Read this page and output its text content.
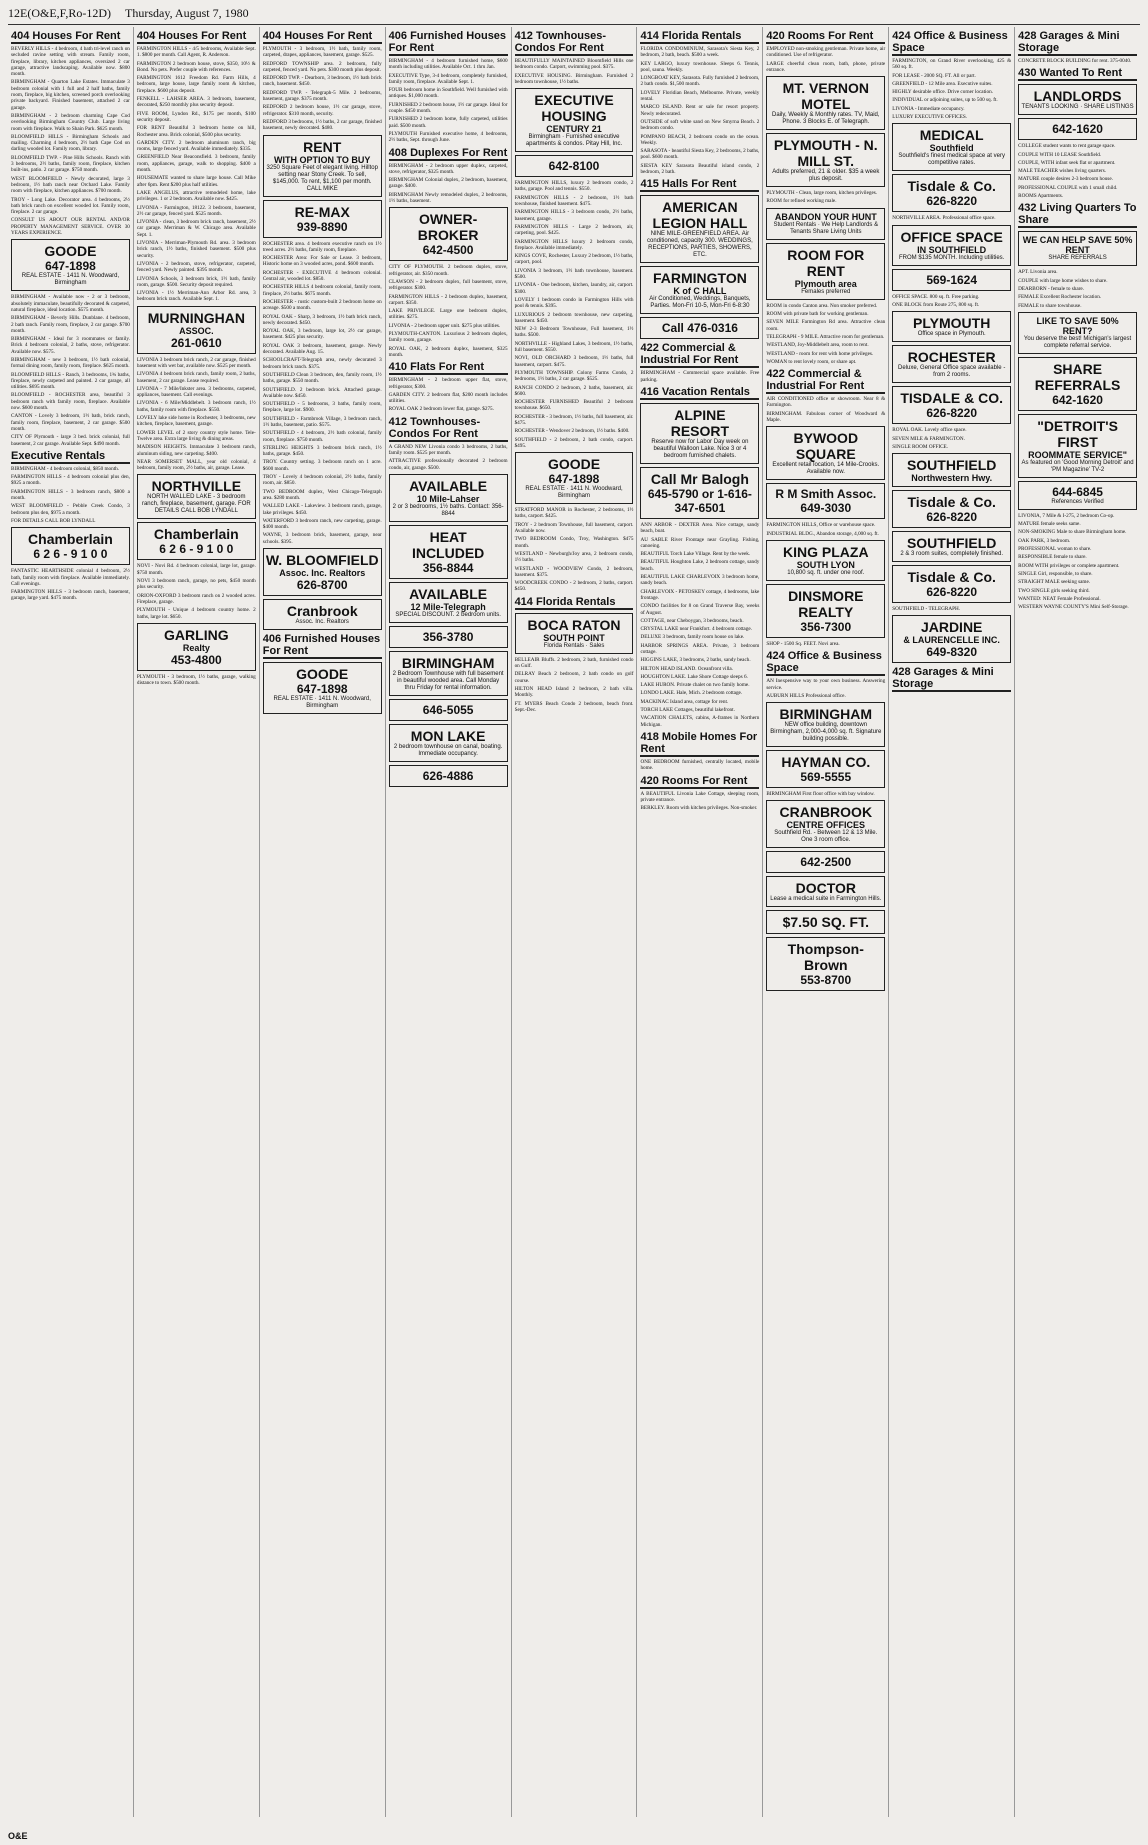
12E(O&E,F,Ro-12D) Thursday, August 7, 1980
404 Houses For Rent

BEVERLY HILLS - 4 bedroom, 4 bath tri-level ranch on secluded ravine setting with stream. Family room, fireplace, library, kitchen appliances, oversized 2 car garage, attractive landscaping. Available now. $800 month.

BIRMINGHAM - Quarton Lake Estates. Immaculate 3 bedroom colonial with 1 full and 2 half baths, family room, fireplace, big kitchen, screened porch overlooking private backyard. Finished basement, attached 2 car garage.

BIRMINGHAM - 2 bedroom charming Cape Cod overlooking Birmingham Country Club. Large living room with fireplace. Walk to Shain Park. $625 month.

BLOOMFIELD HILLS - Birmingham Schools and mailing. Charming 4 bedroom, 2½ bath Cape Cod on darling wooded lot. Family room, library.

BLOOMFIELD TWP. - Pine Hills Schools. Ranch with 3 bedrooms, 2½ baths, family room, fireplace, kitchen built-ins, patio. 2 car garage. $750 month.

WEST BLOOMFIELD - Newly decorated, large 3 bedroom, 1½ bath ranch near Orchard Lake. Family room with fireplace, kitchen appliances. $700 month.

TROY - Long Lake. Decorator area. 4 bedrooms, 2½ bath brick ranch on excellent wooded lot. Family room, fireplace. 2 car garage.

CONSULT US ABOUT OUR RENTAL AND/OR PROPERTY MANAGEMENT SERVICE. OVER 30 YEARS EXPERIENCE.

GOODE
647-1898
REAL ESTATE · 1411 N. Woodward, Birmingham

BIRMINGHAM - Available now - 2 or 3 bedroom, absolutely immaculate, beautifully decorated & carpeted, natural fireplace, ideal location. $575 month.

BIRMINGHAM - Beverly Hills. Dunblane. 4 bedroom, 2 bath ranch. Family room, fireplace, 2 car garage. $700 month.

BIRMINGHAM - Ideal for 3 roommates or family. Brick 4 bedroom colonial, 2 baths, stove, refrigerator. Available now. $575.

BIRMINGHAM - new 3 bedroom, 1½ bath colonial, formal dining room, family room, fireplace. $625 month.

BLOOMFIELD HILLS - Ranch, 3 bedrooms, 1¾ baths, fireplace, newly carpeted and painted. 2 car garage, all utilities. $695 month.

BLOOMFIELD - ROCHESTER area, beautiful 3 bedroom ranch with family room, fireplace. Available now. $600 month.

CANTON - Lovely 3 bedroom, 1½ bath, brick ranch, family room, fireplace, basement, 2 car garage. $500 month.

CITY OF Plymouth - large 3 bed. brick colonial, full basement, 2 car garage. Available Sept. $490 month.

Executive Rentals

BIRMINGHAM - 4 bedroom colonial, $850 month.

FARMINGTON HILLS - 4 bedroom colonial plus den, $925 a month.

FARMINGTON HILLS - 3 bedroom ranch, $800 a month.

WEST BLOOMFIELD - Pebble Creek Condo, 3 bedroom plus den, $975 a month.

FOR DETAILS CALL BOB LYNDALL

Chamberlain
6 2 6 - 9 1 0 0

FANTASTIC HEARTHSIDE colonial 4 bedroom, 2½ bath, family room with fireplace. Available immediately. Call evenings.

FARMINGTON HILLS - 3 bedroom ranch, basement, garage, large yard. $475 month.

404 Houses For Rent

FARMINGTON HILLS - 4/5 bedrooms, Available Sept. 1. $800 per month. Call Agent, R. Anderson.

FARMINGTON 2 bedroom house, stove, $350, 10½ & Bond. No pets. Prefer couple with references.

FARMINGTON 1612 Freedom Rd. Farm Hills, 4 bedroom, large house, large family room & kitchen, fireplace. $600 plus deposit.

FENKELL - LAHSER AREA. 3 bedroom, basement, decorated, $250 monthly plus security deposit.

FIVE ROOM, Lyndon Rd., $175 per month, $100 security deposit.

FOR RENT Beautiful 3 bedroom home on hill, Rochester area. Brick colonial, $500 plus security.

GARDEN CITY. 2 bedroom aluminum ranch, big rooms, large fenced yard. Available immediately. $335.

GREENFIELD Near Beaconsfield. 3 bedroom, family room, appliances, garage, walk to shopping. $400 a month.

HOUSEMATE wanted to share large house. Call Mike after 6pm. Rent $200 plus half utilities.

LAKE ANGELUS, attractive remodeled home, lake privileges. 1 or 2 bedroom. Available now. $425.

LIVONIA - Farmington, 18122. 3 bedroom, basement, 2½ car garage, fenced yard. $525 month.

LIVONIA - clean, 3 bedroom brick ranch, basement, 2½ car garage. Merriman & W. Chicago area. Available Sept. 1.

LIVONIA - Merriman-Plymouth Rd. area. 3 bedroom brick ranch, 1½ baths, finished basement. $500 plus security.

LIVONIA - 2 bedroom, stove, refrigerator, carpeted, fenced yard. Newly painted. $395 month.

LIVONIA Schools, 3 bedroom brick, 1½ bath, family room, garage. $500. Security deposit required.

LIVONIA - 1½ Merriman-Ann Arbor Rd. area, 3 bedroom brick ranch. Available Sept. 1.

MURNINGHAN
ASSOC.
261-0610

LIVONIA 3 bedroom brick ranch, 2 car garage, finished basement with wet bar, available now. $525 per month.

LIVONIA 4 bedroom brick ranch, family room, 2 baths, basement, 2 car garage. Lease required.

LIVONIA - 7 Mile/Inkster area. 3 bedrooms, carpeted, appliances, basement. Call evenings.

LIVONIA - 6 Mile/Middlebelt. 3 bedroom ranch, 1½ baths, family room with fireplace. $550.

LOVELY lake side home in Rochester, 3 bedrooms, new kitchen, fireplace, basement, garage.

LOWER LEVEL of 2 story country style home. Tele-Twelve area. Extra large living & dining areas.

MADISON HEIGHTS. Immaculate 3 bedroom ranch, aluminum siding, new carpeting. $400.

NEAR SOMERSET MALL, year old colonial, 4 bedroom, family room, 2½ baths, air, garage. Lease.

NORTHVILLE
NORTH WALLED LAKE - 3 bedroom ranch, fireplace, basement, garage. FOR DETAILS CALL BOB LYNDALL
Chamberlain
6 2 6 - 9 1 0 0

NOVI - Novi Rd. 4 bedroom colonial, large lot, garage. $750 month.

NOVI 3 bedroom ranch, garage, no pets, $450 month plus security.

ORION-OXFORD 3 bedroom ranch on 2 wooded acres. Fireplace, garage.

PLYMOUTH - Unique 4 bedroom country home. 2 baths, large lot. $650.

GARLING
Realty
453-4800

PLYMOUTH - 3 bedroom, 1½ baths, garage, walking distance to town. $500 month.

404 Houses For Rent

PLYMOUTH - 3 bedroom, 1½ bath, family room, carpeted, drapes, appliances, basement, garage. $525.

REDFORD TOWNSHIP area. 2 bedroom, fully carpeted, fenced yard. No pets. $300 month plus deposit.

REDFORD TWP. - Dearborn, 3 bedroom, 1½ bath brick ranch, basement. $450.

REDFORD TWP. - Telegraph-5 Mile. 2 bedrooms, basement, garage. $375 month.

REDFORD 2 bedroom house, 1½ car garage, stove, refrigerator. $310 month, security.

REDFORD 3 bedrooms, 1½ baths, 2 car garage, finished basement, newly decorated. $480.

RENT
WITH OPTION TO BUY
3250 Square Feet of elegant living. Hilltop setting near Stony Creek. To sell, $145,000. To rent, $1,100 per month. CALL MIKE
RE-MAX
939-8890

ROCHESTER area. 4 bedroom executive ranch on 1½ treed acres. 2½ baths, family room, fireplace.

ROCHESTER Area: For Sale or Lease. 3 bedroom, Historic home on 3 wooded acres, pond. $600 month.

ROCHESTER - EXECUTIVE 4 bedroom colonial. Central air, wooded lot. $850.

ROCHESTER HILLS 4 bedroom colonial, family room, fireplace, 2½ baths. $675 month.

ROCHESTER - rustic custom-built 2 bedroom home on acreage. $500 a month.

ROYAL OAK - Sharp, 3 bedroom, 1½ bath brick ranch, newly decorated. $450.

ROYAL OAK, 3 bedroom, large lot, 2½ car garage, basement. $425 plus security.

ROYAL OAK 3 bedroom, basement, garage. Newly decorated. Available Aug. 15.

SCHOOLCRAFT-Telegraph area, newly decorated 3 bedroom brick ranch. $375.

SOUTHFIELD Clean 3 bedroom, den, family room, 1½ baths, garage. $550 month.

SOUTHFIELD. 2 bedroom brick. Attached garage. Available now. $450.

SOUTHFIELD - 5 bedrooms, 3 baths, family room, fireplace, large lot. $900.

SOUTHFIELD - Farmbrook Village, 3 bedroom ranch, 1½ baths, basement, patio. $575.

SOUTHFIELD - 4 bedroom, 2½ bath colonial, family room, fireplace. $750 month.

STERLING HEIGHTS 3 bedroom brick ranch, 1½ baths, garage. $450.

TROY. Country setting. 3 bedroom ranch on 1 acre. $600 month.

TROY - Lovely 4 bedroom colonial, 2½ baths, family room, air. $850.

TWO BEDROOM duplex, West Chicago-Telegraph area. $280 month.

WALLED LAKE - Lakeview. 3 bedroom ranch, garage, lake privileges. $450.

WATERFORD 3 bedroom ranch, new carpeting, garage. $400 month.

WAYNE, 3 bedroom brick, basement, garage, near schools. $395.

W. BLOOMFIELD
Assoc. Inc. Realtors
626-8700
Cranbrook
Assoc. Inc. Realtors
406 Furnished Houses For Rent
GOODE
647-1898
REAL ESTATE · 1411 N. Woodward, Birmingham
406 Furnished Houses For Rent

BIRMINGHAM - 4 bedroom furnished home, $600 month including utilities. Available Oct. 1 thru Jan.

EXECUTIVE Type, 3-4 bedroom, completely furnished, family room, fireplace. Available Sept. 1.

FOUR bedroom home in Southfield. Well furnished with antiques. $1,000 month.

FURNISHED 2 bedroom house, 1½ car garage. Ideal for couple. $450 month.

FURNISHED 2 bedroom home, fully carpeted, utilities paid. $500 month.

PLYMOUTH Furnished executive home, 4 bedrooms, 2½ baths, Sept. through June.

408 Duplexes For Rent

BIRMINGHAM - 2 bedroom upper duplex, carpeted, stove, refrigerator, $325 month.

BIRMINGHAM Colonial duplex, 2 bedroom, basement, garage. $400.

BIRMINGHAM Newly remodeled duplex, 2 bedrooms, 1½ baths, basement.

OWNER-BROKER
642-4500

CITY OF PLYMOUTH. 2 bedroom duplex, stove, refrigerator, air. $350 month.

CLAWSON - 2 bedroom duplex, full basement, stove, refrigerator. $300.

FARMINGTON HILLS - 2 bedroom duplex, basement, carport. $350.

LAKE PRIVILEGE. Large one bedroom duplex, utilities. $275.

LIVONIA - 2 bedroom upper unit. $275 plus utilities.

PLYMOUTH-CANTON. Luxurious 2 bedroom duplex, family room, garage.

ROYAL OAK, 2 bedroom duplex, basement, $325 month.

410 Flats For Rent

BIRMINGHAM - 2 bedroom upper flat, stove, refrigerator, $300.

GARDEN CITY. 2 bedroom flat, $200 month includes utilities.

ROYAL OAK 2 bedroom lower flat, garage. $275.

412 Townhouses-Condos For Rent

A GRAND NEW Livonia condo 3 bedrooms, 2 baths, family room. $525 per month.

ATTRACTIVE professionally decorated 2 bedroom condo, air, garage. $500.

AVAILABLE
10 Mile-Lahser
2 or 3 bedrooms, 1½ baths. Contact: 356-8844
HEAT INCLUDED
356-8844
AVAILABLE
12 Mile-Telegraph
SPECIAL DISCOUNT. 2 bedroom units.
356-3780
BIRMINGHAM
2 Bedroom Townhouse with full basement in beautiful wooded area. Call Monday thru Friday for rental information.
646-5055
MON LAKE
2 bedroom townhouse on canal, boating. Immediate occupancy.
626-4886
412 Townhouses-Condos For Rent

BEAUTIFULLY MAINTAINED Bloomfield Hills one bedroom condo. Carport, swimming pool. $375.

EXECUTIVE HOUSING. Birmingham. Furnished 2 bedroom townhouse, 1½ baths.

EXECUTIVE HOUSING
CENTURY 21
Birmingham · Furnished executive apartments & condos. Pitay Hill, Inc.
642-8100

FARMINGTON HILLS, luxury 2 bedroom condo, 2 baths, garage. Pool and tennis. $550.

FARMINGTON HILLS - 2 bedroom, 1½ bath townhouse, finished basement. $475.

FARMINGTON HILLS - 3 bedroom condo, 2½ baths, basement, garage.

FARMINGTON HILLS - Large 2 bedroom, air, carpeting, pool. $425.

FARMINGTON HILLS luxury 2 bedroom condo, fireplace. Available immediately.

KINGS COVE, Rochester, Luxury 2 bedroom, 1½ baths, carport, pool.

LIVONIA 3 bedroom, 1½ bath townhouse, basement. $500.

LIVONIA - One bedroom, kitchen, laundry, air, carport. $300.

LOVELY 1 bedroom condo in Farmington Hills with pool & tennis. $395.

LUXURIOUS 2 bedroom townhouse, new carpeting, basement. $450.

NEW 2-3 Bedroom Townhouse, Full basement, 1½ baths. $500.

NORTHVILLE - Highland Lakes, 3 bedroom, 1½ baths, full basement. $550.

NOVI, OLD ORCHARD 3 bedroom, 1½ baths, full basement, carport. $475.

PLYMOUTH TOWNSHIP. Colony Farms Condo, 2 bedrooms, 1½ baths, 2 car garage. $525.

RANCH CONDO 2 bedroom, 2 baths, basement, air. $600.

ROCHESTER FURNISHED Beautiful 2 bedroom townhouse. $650.

ROCHESTER - 3 bedroom, 1½ baths, full basement, air. $475.

ROCHESTER - Wendover 2 bedroom, 1½ baths. $400.

SOUTHFIELD - 2 bedroom, 2 bath condo, carport. $495.

GOODE
647-1898
REAL ESTATE · 1411 N. Woodward, Birmingham

STRATFORD MANOR in Rochester, 2 bedrooms, 1½ baths, carport. $425.

TROY - 2 bedroom Townhouse, full basement, carport. Available now.

TWO BEDROOM Condo, Troy, Washington. $475 month.

WESTLAND - Newburgh/Joy area, 2 bedroom condo, 1½ baths.

WESTLAND - WOODVIEW Condo, 2 bedroom, basement. $375.

WOODCREEK CONDO - 2 bedroom, 2 baths, carport. $450.

414 Florida Rentals
BOCA RATON
SOUTH POINT
Florida Rentals · Sales

BELLEAIR Bluffs. 2 bedroom, 2 bath, furnished condo on Gulf.

DELRAY Beach 2 bedroom, 2 bath condo on golf course.

HILTON HEAD Island 2 bedroom, 2 bath villa. Monthly.

FT. MYERS Beach Condo 2 bedroom, beach front. Sept.-Dec.

414 Florida Rentals

FLORIDA CONDOMINIUM, Sarasota's Siesta Key, 2 bedroom, 2 bath, beach. $500 a week.

KEY LARGO, luxury townhouse. Sleeps 6. Tennis, pool, sauna. Weekly.

LONGBOAT KEY, Sarasota. Fully furnished 2 bedroom, 2 bath condo. $1,500 month.

LOVELY Floridian Beach, Melbourne. Private, weekly rental.

MARCO ISLAND. Rent or sale for resort property. Newly redecorated.

OUTSIDE of soft white sand on New Smyrna Beach. 2 bedroom condo.

POMPANO BEACH, 2 bedroom condo on the ocean. Weekly.

SARASOTA - beautiful Siesta Key, 2 bedrooms, 2 baths, pool. $600 month.

SIESTA KEY Sarasota Beautiful island condo, 2 bedroom, 2 bath.

415 Halls For Rent
AMERICAN LEGION HALL
NINE MILE-GREENFIELD AREA. Air conditioned, capacity 300. WEDDINGS, RECEPTIONS, PARTIES, SHOWERS, ETC.
FARMINGTON
K of C HALL
Air Conditioned, Weddings, Banquets, Parties. Mon-Fri 10-5, Mon-Fri 6-8:30
Call 476-0316
422 Commercial & Industrial For Rent

BIRMINGHAM - Commercial space available. Free parking.

416 Vacation Rentals
ALPINE RESORT
Reserve now for Labor Day week on beautiful Walloon Lake. Nice 3 or 4 bedroom furnished chalets.
Call Mr Balogh
645-5790 or 1-616-347-6501

ANN ARBOR - DEXTER Area. Nice cottage, sandy beach, boat.

AU SABLE River Frontage near Grayling. Fishing, canoeing.

BEAUTIFUL Torch Lake Village. Rent by the week.

BEAUTIFUL Houghton Lake, 2 bedroom cottage, sandy beach.

BEAUTIFUL LAKE CHARLEVOIX 3 bedroom home, sandy beach.

CHARLEVOIX - PETOSKEY cottage, 4 bedrooms, lake frontage.

CONDO facilities for 8 on Grand Traverse Bay, weeks of August.

COTTAGE, near Cheboygan, 3 bedrooms, beach.

CRYSTAL LAKE near Frankfort. 4 bedroom cottage.

DELUXE 3 bedroom, family room house on lake.

HARBOR SPRINGS AREA. Private, 3 bedroom cottage.

HIGGINS LAKE, 3 bedrooms, 2 baths, sandy beach.

HILTON HEAD ISLAND. Oceanfront villa.

HOUGHTON LAKE. Lake Shore Cottage sleeps 6.

LAKE HURON. Private chalet on two family home.

LONDO LAKE. Hale, Mich. 2 bedroom cottage.

MACKINAC Island area, cottage for rent.

TORCH LAKE Cottages, beautiful lakefront.

VACATION CHALETS, cabins, A-frames in Northern Michigan.

418 Mobile Homes For Rent

ONE BEDROOM furnished, centrally located, mobile home.

420 Rooms For Rent

A BEAUTIFUL Livonia Lake Cottage, sleeping room, private entrance.

BERKLEY. Room with kitchen privileges. Non-smoker.

420 Rooms For Rent

EMPLOYED non-smoking gentleman. Private home, air conditioned. Use of refrigerator.

LARGE cheerful clean room, bath, phone, private entrance.

MT. VERNON MOTEL
Daily, Weekly & Monthly rates. TV, Maid, Phone. 3 Blocks E. of Telegraph.
PLYMOUTH - N. MILL ST.
Adults preferred, 21 & older. $35 a week plus deposit.

PLYMOUTH - Clean, large room, kitchen privileges.

ROOM for refined working male.

ABANDON YOUR HUNT
Student Rentals · We Help Landlords & Tenants Share Living Units
ROOM FOR RENT
Plymouth area
Females preferred

ROOM in condo Canton area. Non smoker preferred.

ROOM with private bath for working gentleman.

SEVEN MILE Farmington Rd area. Attractive clean room.

TELEGRAPH - 9 MILE. Attractive room for gentleman.

WESTLAND, Joy-Middlebelt area, room to rent.

WESTLAND - room for rent with home privileges.

WOMAN to rent lovely room, or share apt.

422 Commercial & Industrial For Rent

AIR CONDITIONED office or showroom. Near 8 & Farmington.

BIRMINGHAM. Fabulous corner of Woodward & Maple.

BYWOOD SQUARE
Excellent retail location, 14 Mile-Crooks. Available now.
R M Smith Assoc. 649-3030

FARMINGTON HILLS, Office or warehouse space.

INDUSTRIAL BLDG., Abandon storage, 4,000 sq. ft.

KING PLAZA
SOUTH LYON
10,800 sq. ft. under one roof.
DINSMORE REALTY
356-7300

SHOP - 1500 Sq. FEET. Novi area.

424 Office & Business Space

AN Inexpensive way to your own business. Answering service.

AUBURN HILLS Professional office.

BIRMINGHAM
NEW office building, downtown Birmingham, 2,000-4,000 sq. ft. Signature building possible.
HAYMAN CO.
569-5555

BIRMINGHAM First floor office with bay window.

CRANBROOK
CENTRE OFFICES
Southfield Rd. - Between 12 & 13 Mile. One 3 room office.
642-2500
DOCTOR
Lease a medical suite in Farmington Hills.
$7.50 SQ. FT.
Thompson-Brown
553-8700
424 Office & Business Space

FARMINGTON, on Grand River overlooking, 425 & 560 sq. ft.

FOR LEASE - 2000 SQ. FT. All or part.

GREENFIELD - 12 Mile area. Executive suites.

HIGHLY desirable office. Drive corner location.

INDIVIDUAL or adjoining suites, up to 500 sq. ft.

LIVONIA - Immediate occupancy.

LUXURY EXECUTIVE OFFICES.

MEDICAL
Southfield
Southfield's finest medical space at very competitive rates.
Tisdale & Co.
626-8220

NORTHVILLE AREA. Professional office space.

OFFICE SPACE
IN SOUTHFIELD
FROM $135 MONTH. Including utilities.
569-1624

OFFICE SPACE. 800 sq. ft. Free parking.

ONE BLOCK from Route 275, 800 sq. ft.

PLYMOUTH
Office space in Plymouth.
ROCHESTER
Deluxe, General Office space available - from 2 rooms.
TISDALE & CO.
626-8220

ROYAL OAK. Lovely office space.

SEVEN MILE & FARMINGTON.

SINGLE ROOM OFFICE.

SOUTHFIELD
Northwestern Hwy.
Tisdale & Co.
626-8220
SOUTHFIELD
2 & 3 room suites, completely finished.
Tisdale & Co.
626-8220

SOUTHFIELD - TELEGRAPH.

JARDINE
& LAURENCELLE INC.
649-8320
428 Garages & Mini Storage
428 Garages & Mini Storage

CONCRETE BLOCK BUILDING for rent. 375-0040.

430 Wanted To Rent
LANDLORDS
TENANTS LOOKING · SHARE LISTINGS
642-1620

COLLEGE student wants to rent garage space.

COUPLE WITH 10 LEASE Southfield.

COUPLE, WITH infant seek flat or apartment.

MALE TEACHER wishes living quarters.

MATURE couple desires 2-3 bedroom house.

PROFESSIONAL COUPLE with 1 small child.

ROOMS Apartments.

432 Living Quarters To Share
WE CAN HELP SAVE 50% RENT
SHARE REFERRALS

APT. Livonia area.

COUPLE with large home wishes to share.

DEARBORN - female to share.

FEMALE Excellent Rochester location.

FEMALE to share townhouse.

LIKE TO SAVE 50% RENT?
You deserve the best! Michigan's largest complete referral service.
SHARE REFERRALS
642-1620
"DETROIT'S FIRST
ROOMMATE SERVICE"
As featured on 'Good Morning Detroit' and 'PM Magazine' TV-2
644-6845
References Verified

LIVONIA, 7 Mile & I-275, 2 bedroom Co-op.

MATURE female seeks same.

NON-SMOKING Male to share Birmingham home.

OAK PARK, 3 bedroom.

PROFESSIONAL woman to share.

RESPONSIBLE female to share.

ROOM WITH privileges or complete apartment.

SINGLE Girl, responsible, to share.

STRAIGHT MALE seeking same.

TWO SINGLE girls seeking third.

WANTED: NEAT Female Professional.

WESTERN WAYNE COUNTY'S Mini Self-Storage.

O&E
